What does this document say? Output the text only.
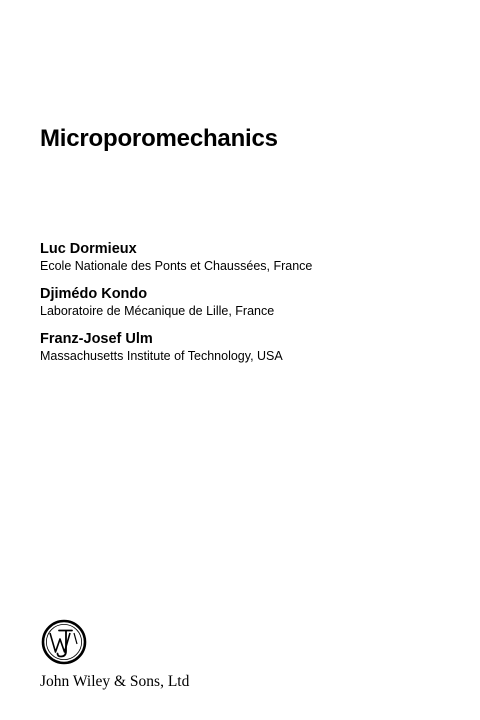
Microporomechanics
Luc Dormieux
Ecole Nationale des Ponts et Chaussées, France
Djimédo Kondo
Laboratoire de Mécanique de Lille, France
Franz-Josef Ulm
Massachusetts Institute of Technology, USA
John Wiley & Sons, Ltd
